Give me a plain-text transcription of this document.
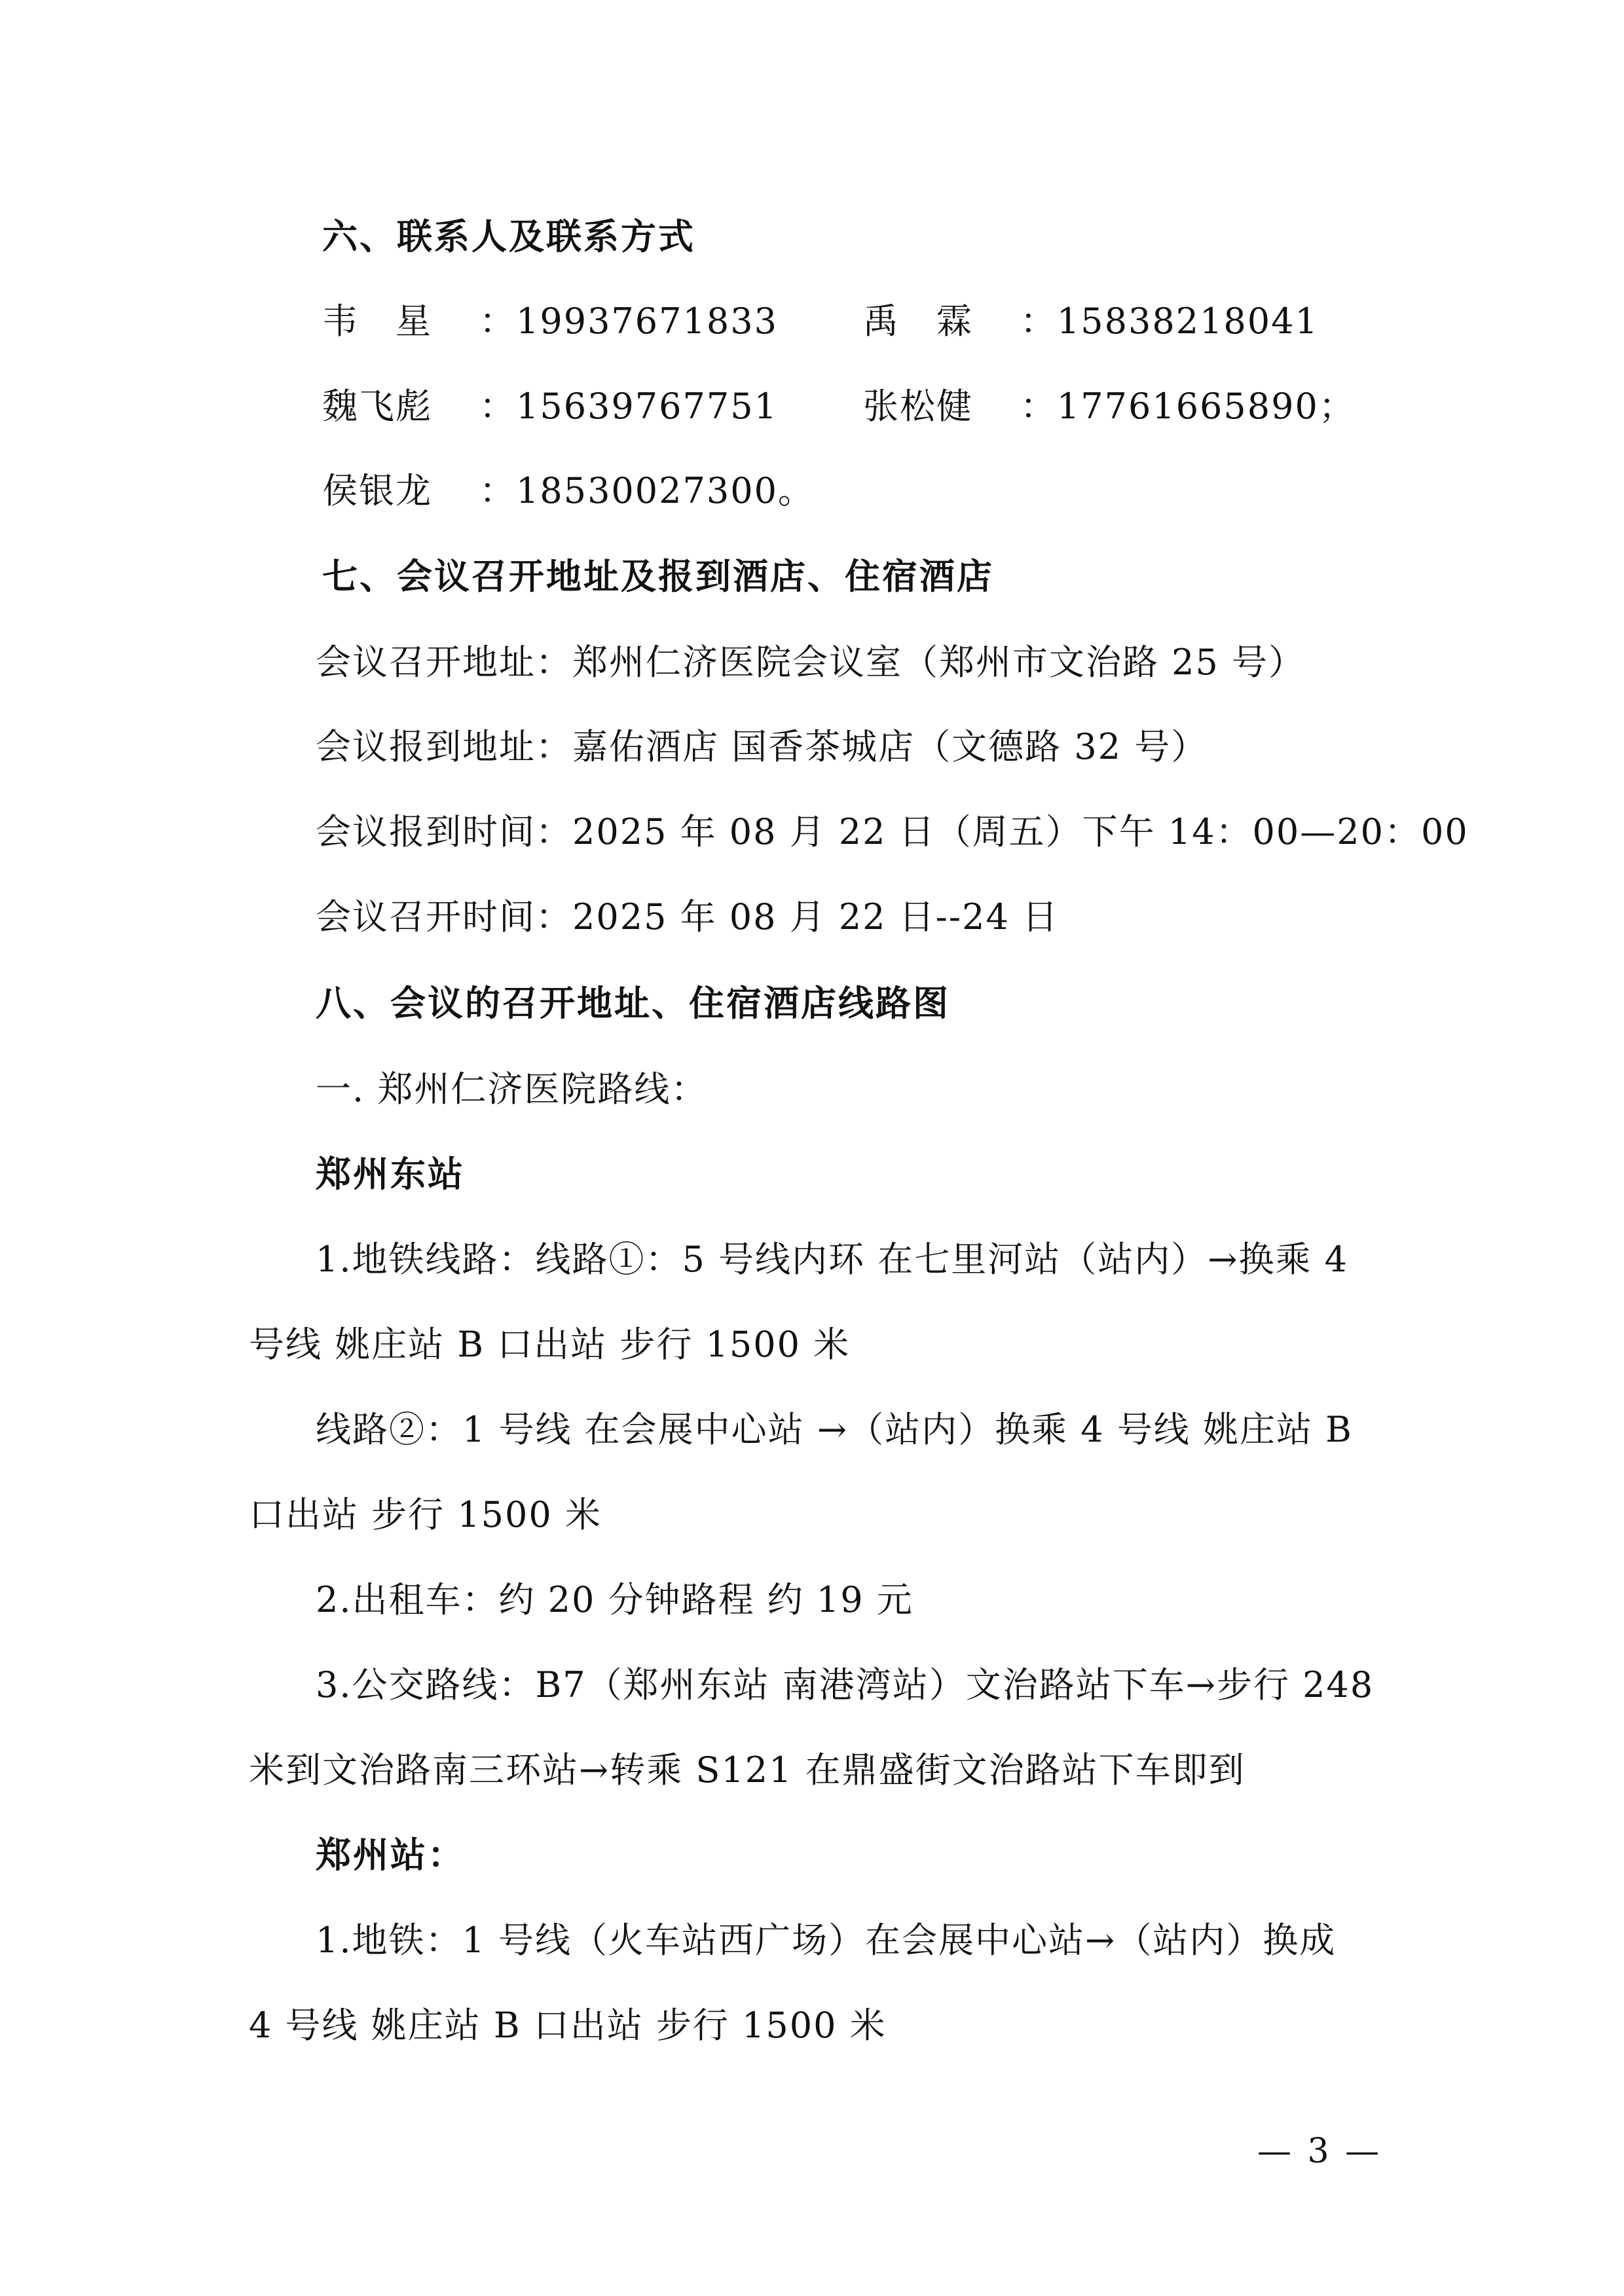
六、联系人及联系方式
韦　星 ：19937671833 禹　霖 ：15838218041
魏飞彪 ：15639767751 张松健 ：17761665890；
侯银龙 ：18530027300。
七、会议召开地址及报到酒店、住宿酒店
会议召开地址：郑州仁济医院会议室（郑州市文治路 25 号）
会议报到地址：嘉佑酒店 国香茶城店（文德路 32 号）
会议报到时间：2025 年 08 月 22 日（周五）下午 14：00—20：00
会议召开时间：2025 年 08 月 22 日--24 日
八、会议的召开地址、住宿酒店线路图
一. 郑州仁济医院路线：
郑州东站
1.地铁线路：线路①：5 号线内环 在七里河站（站内）→换乘 4
号线 姚庄站 B 口出站 步行 1500 米
线路②：1 号线 在会展中心站 →（站内）换乘 4 号线 姚庄站 B
口出站 步行 1500 米
2.出租车：约 20 分钟路程 约 19 元
3.公交路线：B7（郑州东站 南港湾站）文治路站下车→步行 248
米到文治路南三环站→转乘 S121 在鼎盛街文治路站下车即到
郑州站：
1.地铁：1 号线（火车站西广场）在会展中心站→（站内）换成
4 号线 姚庄站 B 口出站 步行 1500 米
— 3 —
